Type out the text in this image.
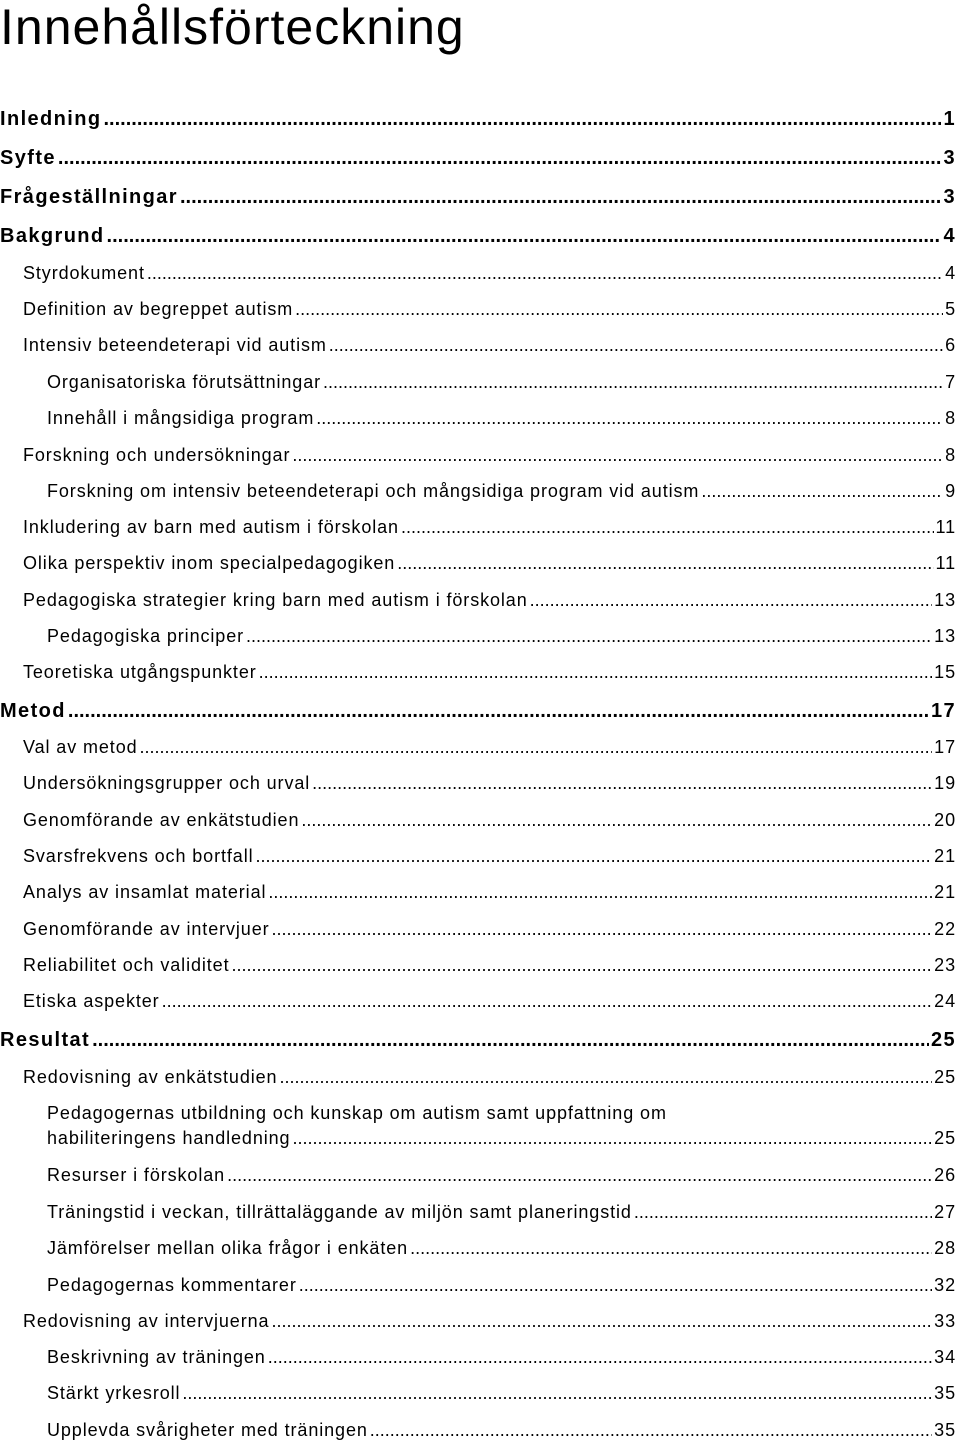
Innehållsförteckning
Inledning .....	1
Syfte .....	3
Frågeställningar .....	3
Bakgrund .....	4
Styrdokument .....	4
Definition av begreppet autism .....	5
Intensiv beteendeterapi vid autism .....	6
Organisatoriska förutsättningar .....	7
Innehåll i mångsidiga program .....	8
Forskning och undersökningar .....	8
Forskning om intensiv beteendeterapi och mångsidiga program vid autism .....	9
Inkludering av barn med autism i förskolan .....	11
Olika perspektiv inom specialpedagogiken .....	11
Pedagogiska strategier kring barn med autism i förskolan .....	13
Pedagogiska principer .....	13
Teoretiska utgångspunkter .....	15
Metod .....	17
Val av metod .....	17
Undersökningsgrupper och urval .....	19
Genomförande av enkätstudien .....	20
Svarsfrekvens och bortfall .....	21
Analys av insamlat material .....	21
Genomförande av intervjuer .....	22
Reliabilitet och validitet .....	23
Etiska aspekter .....	24
Resultat .....	25
Redovisning av enkätstudien .....	25
Pedagogernas utbildning och kunskap om autism samt uppfattning om
habiliteringens handledning .....	25
Resurser i förskolan .....	26
Träningstid i veckan, tillrättaläggande av miljön samt planeringstid .....	27
Jämförelser mellan olika frågor i enkäten .....	28
Pedagogernas kommentarer .....	32
Redovisning av intervjuerna .....	33
Beskrivning av träningen .....	34
Stärkt yrkesroll .....	35
Upplevda svårigheter med träningen .....	35
